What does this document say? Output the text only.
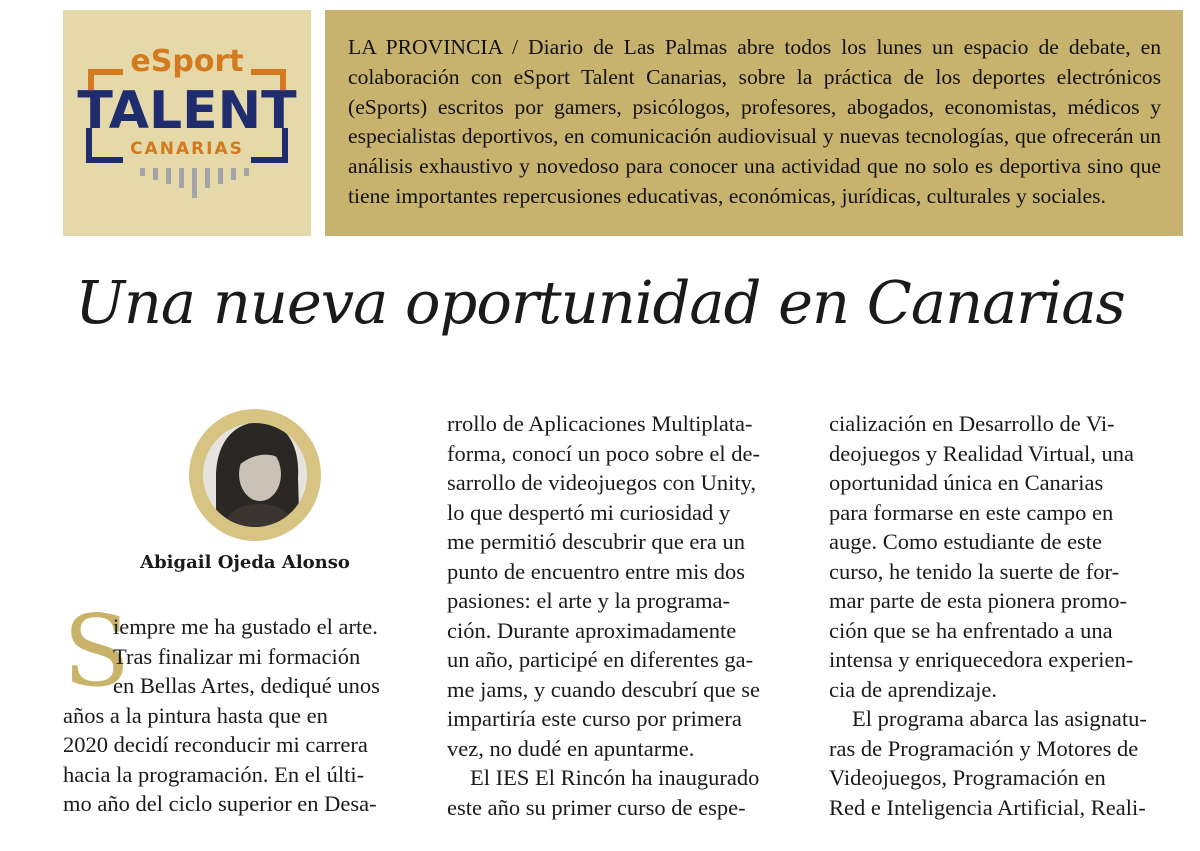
eSport
TALENT
CANARIAS

LA PROVINCIA / Diario de Las Palmas abre todos los lunes un espacio de debate, en colaboración con eSport Talent Canarias, sobre la práctica de los deportes electrónicos (eSports) escritos por gamers, psicólogos, profesores, abogados, economistas, médicos y especialistas deportivos, en comunicación audiovisual y nuevas tecnologías, que ofrecerán un análisis exhaustivo y novedoso para conocer una actividad que no solo es deportiva sino que tiene importantes repercusiones educativas, económicas, jurídicas, culturales y sociales.

Una nueva oportunidad en Canarias

Abigail Ojeda Alonso

S
iempre me ha gustado el arte.
Tras finalizar mi formación
en Bellas Artes, dediqué unos
años a la pintura hasta que en
2020 decidí reconducir mi carrera
hacia la programación. En el últi-
mo año del ciclo superior en Desa-
rrollo de Aplicaciones Multiplata-
forma, conocí un poco sobre el de-
sarrollo de videojuegos con Unity,
lo que despertó mi curiosidad y
me permitió descubrir que era un
punto de encuentro entre mis dos
pasiones: el arte y la programa-
ción. Durante aproximadamente
un año, participé en diferentes ga-
me jams, y cuando descubrí que se
impartiría este curso por primera
vez, no dudé en apuntarme.
El IES El Rincón ha inaugurado
este año su primer curso de espe-
cialización en Desarrollo de Vi-
deojuegos y Realidad Virtual, una
oportunidad única en Canarias
para formarse en este campo en
auge. Como estudiante de este
curso, he tenido la suerte de for-
mar parte de esta pionera promo-
ción que se ha enfrentado a una
intensa y enriquecedora experien-
cia de aprendizaje.
El programa abarca las asignatu-
ras de Programación y Motores de
Videojuegos, Programación en
Red e Inteligencia Artificial, Reali-
